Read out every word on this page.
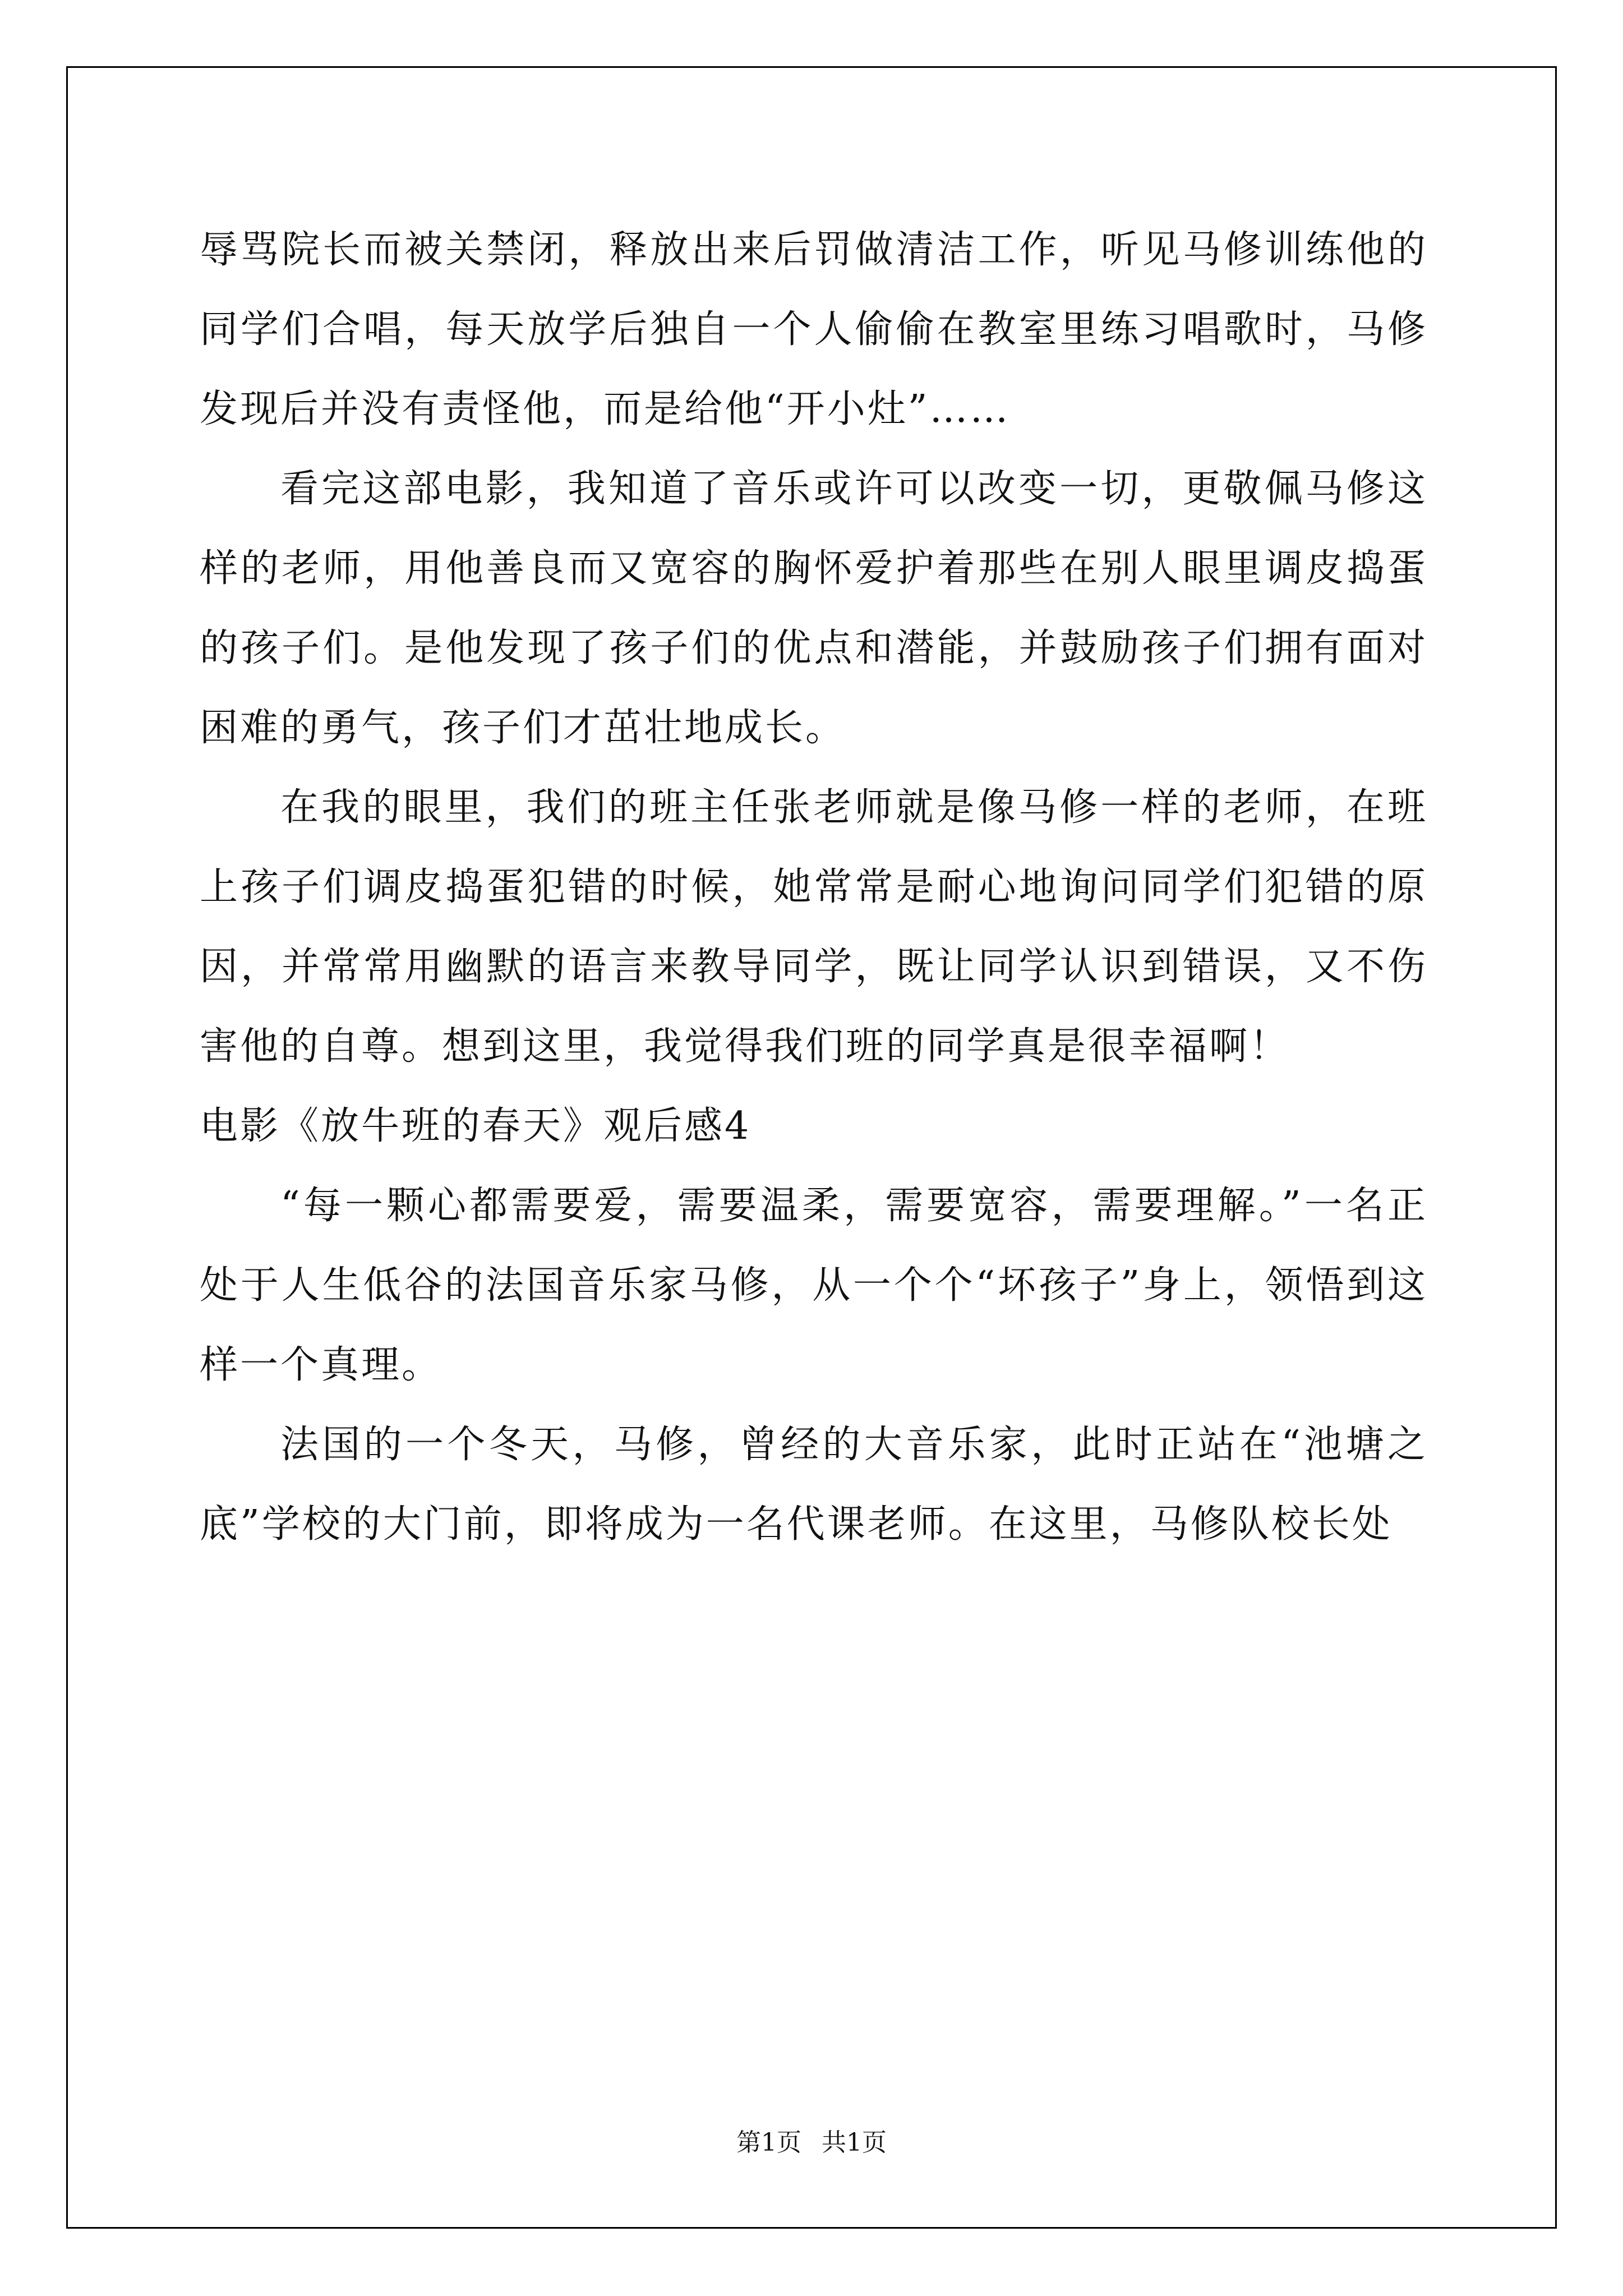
辱骂院长而被关禁闭，释放出来后罚做清洁工作，听见马修训练他的同学们合唱，每天放学后独自一个人偷偷在教室里练习唱歌时，马修发现后并没有责怪他，而是给他“开小灶”……

看完这部电影，我知道了音乐或许可以改变一切，更敬佩马修这样的老师，用他善良而又宽容的胸怀爱护着那些在别人眼里调皮捣蛋的孩子们。是他发现了孩子们的优点和潜能，并鼓励孩子们拥有面对困难的勇气，孩子们才茁壮地成长。

在我的眼里，我们的班主任张老师就是像马修一样的老师，在班上孩子们调皮捣蛋犯错的时候，她常常是耐心地询问同学们犯错的原因，并常常用幽默的语言来教导同学，既让同学认识到错误，又不伤害他的自尊。想到这里，我觉得我们班的同学真是很幸福啊！

电影《放牛班的春天》观后感4

“每一颗心都需要爱，需要温柔，需要宽容，需要理解。”一名正处于人生低谷的法国音乐家马修，从一个个“坏孩子”身上，领悟到这样一个真理。

法国的一个冬天，马修，曾经的大音乐家，此时正站在“池塘之底”学校的大门前，即将成为一名代课老师。在这里，马修队校长处

第1页 共1页
